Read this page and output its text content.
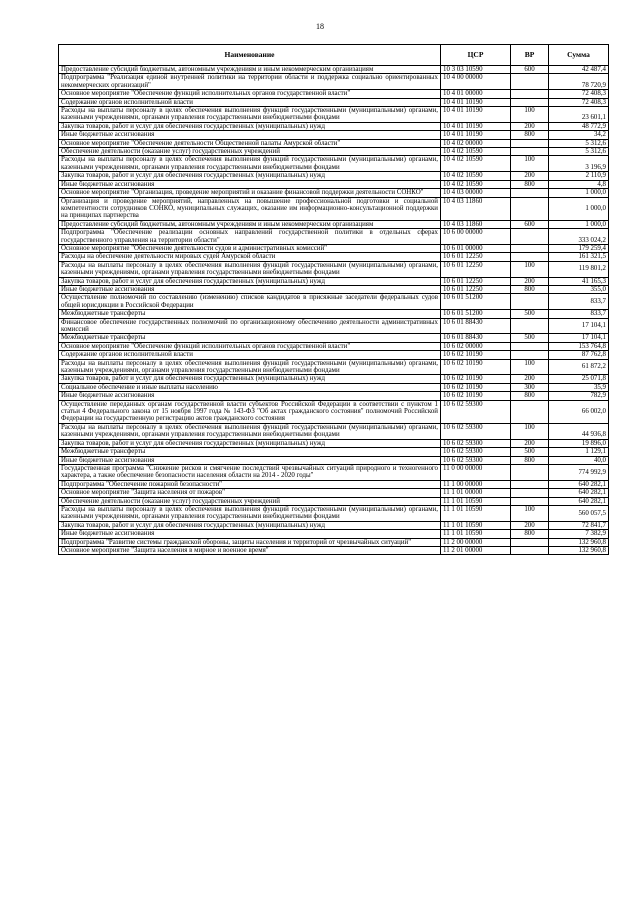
18
Наименование	ЦСР	ВР	Сумма
Предоставление субсидий бюджетным, автономным учреждениям и иным некоммерческим организациям	10 3 03 10590	600	42 487,4
Подпрограмма "Реализация единой внутренней политики на территории области и поддержка социально ориентированных некоммерческих организаций"	10 4 00 00000		78 720,9
Основное мероприятие "Обеспечение функций исполнительных органов государственной власти"	10 4 01 00000		72 408,3
Содержание органов исполнительной власти	10 4 01 10190		72 408,3
Расходы на выплаты персоналу в целях обеспечения выполнения функций государственными (муниципальными) органами, казенными учреждениями, органами управления государственными внебюджетными фондами	10 4 01 10190	100	23 601,1
Закупка товаров, работ и услуг для обеспечения государственных (муниципальных) нужд	10 4 01 10190	200	48 772,9
Иные бюджетные ассигнования	10 4 01 10190	800	34,2
Основное мероприятие "Обеспечение деятельности Общественной палаты Амурской области"	10 4 02 00000		5 312,6
Обеспечение деятельности (оказание услуг) государственных учреждений	10 4 02 10590		5 312,6
Расходы на выплаты персоналу в целях обеспечения выполнения функций государственными (муниципальными) органами, казенными учреждениями, органами управления государственными внебюджетными фондами	10 4 02 10590	100	3 196,9
Закупка товаров, работ и услуг для обеспечения государственных (муниципальных) нужд	10 4 02 10590	200	2 110,9
Иные бюджетные ассигнования	10 4 02 10590	800	4,8
Основное мероприятие "Организация, проведение мероприятий и оказание финансовой поддержки деятельности СОНКО"	10 4 03 00000		1 000,0
Организация и проведение мероприятий, направленных на повышение профессиональной подготовки и социальной компетентности сотрудников СОНКО, муниципальных служащих, оказание им информационно-консультационной поддержки на принципах партнерства	10 4 03 11860		1 000,0
Предоставление субсидий бюджетным, автономным учреждениям и иным некоммерческим организациям	10 4 03 11860	600	1 000,0
Подпрограмма "Обеспечение реализации основных направлений государственной политики в отдельных сферах государственного управления на территории области"	10 6 00 00000		333 024,2
Основное мероприятие "Обеспечение деятельности судов и административных комиссий"	10 6 01 00000		179 259,4
Расходы на обеспечение деятельности мировых судей Амурской области	10 6 01 12250		161 321,5
Расходы на выплаты персоналу в целях обеспечения выполнения функций государственными (муниципальными) органами, казенными учреждениями, органами управления государственными внебюджетными фондами	10 6 01 12250	100	119 801,2
Закупка товаров, работ и услуг для обеспечения государственных (муниципальных) нужд	10 6 01 12250	200	41 165,3
Иные бюджетные ассигнования	10 6 01 12250	800	355,0
Осуществление полномочий по составлению (изменению) списков кандидатов в присяжные заседатели федеральных судов общей юрисдикции в Российской Федерации	10 6 01 51200		833,7
Межбюджетные трансферты	10 6 01 51200	500	833,7
Финансовое обеспечение государственных полномочий по организационному обеспечению деятельности административных комиссий	10 6 01 88430		17 104,1
Межбюджетные трансферты	10 6 01 88430	500	17 104,1
Основное мероприятие "Обеспечение функций исполнительных органов государственной власти"	10 6 02 00000		153 764,8
Содержание органов исполнительной власти	10 6 02 10190		87 762,8
Расходы на выплаты персоналу в целях обеспечения выполнения функций государственными (муниципальными) органами, казенными учреждениями, органами управления государственными внебюджетными фондами	10 6 02 10190	100	61 872,2
Закупка товаров, работ и услуг для обеспечения государственных (муниципальных) нужд	10 6 02 10190	200	25 071,8
Социальное обеспечение и иные выплаты населению	10 6 02 10190	300	35,9
Иные бюджетные ассигнования	10 6 02 10190	800	782,9
Осуществление переданных органам государственной власти субъектов Российской Федерации в соответствии с пунктом 1 статьи 4 Федерального закона от 15 ноября 1997 года № 143-ФЗ "Об актах гражданского состояния" полномочий Российской Федерации на государственную регистрацию актов гражданского состояния	10 6 02 59300		66 002,0
Расходы на выплаты персоналу в целях обеспечения выполнения функций государственными (муниципальными) органами, казенными учреждениями, органами управления государственными внебюджетными фондами	10 6 02 59300	100	44 936,8
Закупка товаров, работ и услуг для обеспечения государственных (муниципальных) нужд	10 6 02 59300	200	19 896,0
Межбюджетные трансферты	10 6 02 59300	500	1 129,1
Иные бюджетные ассигнования	10 6 02 59300	800	40,0
Государственная программа "Снижение рисков и смягчение последствий чрезвычайных ситуаций природного и техногенного характера, а также обеспечение безопасности населения области на 2014 - 2020 годы"	11 0 00 00000		774 992,9
Подпрограмма "Обеспечение пожарной безопасности"	11 1 00 00000		640 282,1
Основное мероприятие "Защита населения от пожаров"	11 1 01 00000		640 282,1
Обеспечение деятельности (оказание услуг) государственных учреждений	11 1 01 10590		640 282,1
Расходы на выплаты персоналу в целях обеспечения выполнения функций государственными (муниципальными) органами, казенными учреждениями, органами управления государственными внебюджетными фондами	11 1 01 10590	100	560 057,5
Закупка товаров, работ и услуг для обеспечения государственных (муниципальных) нужд	11 1 01 10590	200	72 841,7
Иные бюджетные ассигнования	11 1 01 10590	800	7 382,9
Подпрограмма "Развитие системы гражданской обороны, защиты населения и территорий от чрезвычайных ситуаций"	11 2 00 00000		132 960,8
Основное мероприятие "Защита населения в мирное и военное время"	11 2 01 00000		132 960,8
